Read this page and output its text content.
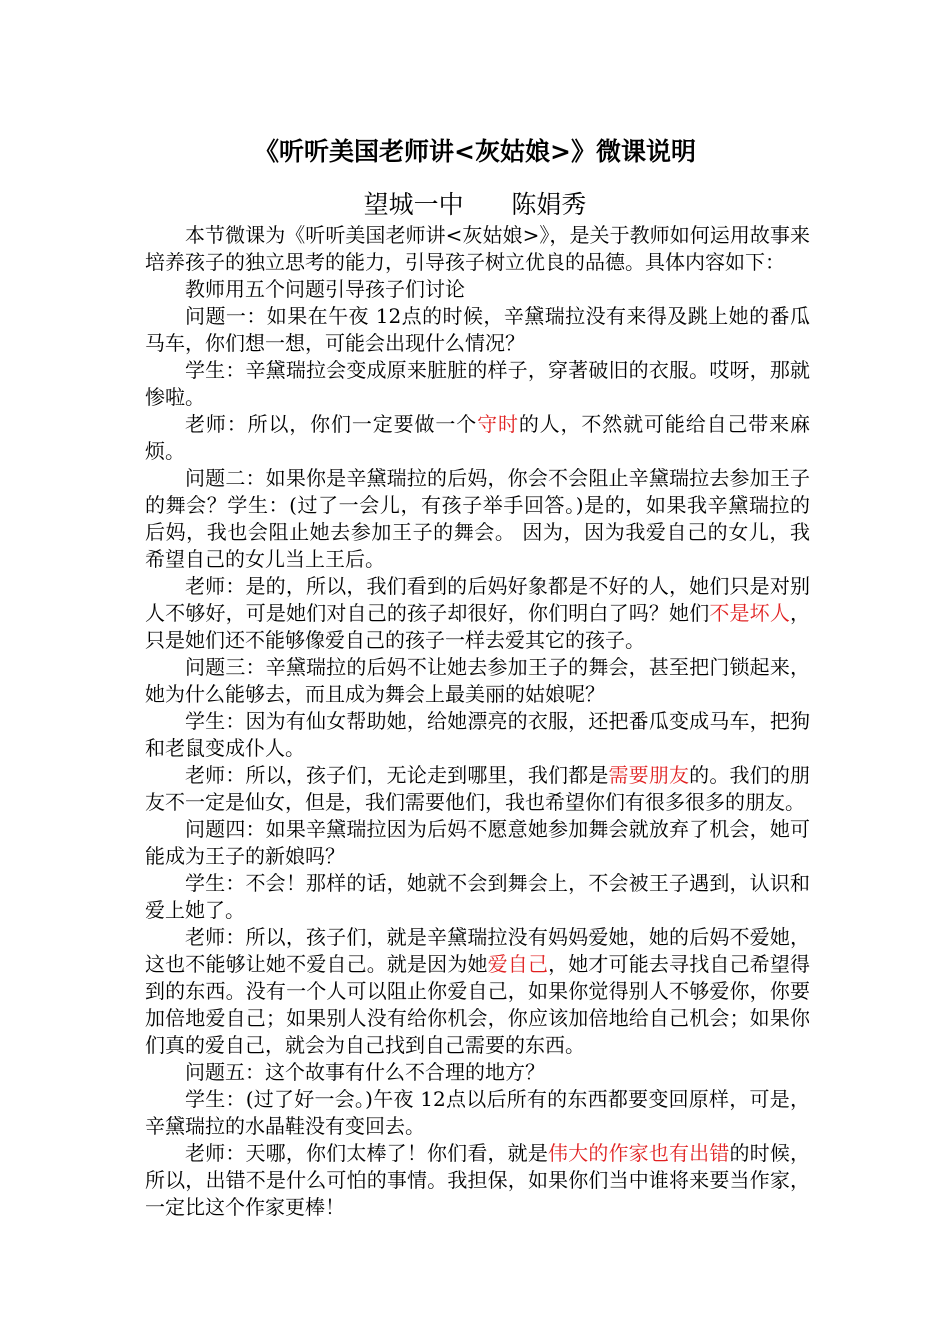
《听听美国老师讲<灰姑娘>》微课说明
望城一中      陈娟秀

本节微课为《听听美国老师讲<灰姑娘>》，是关于教师如何运用故事来培养孩子的独立思考的能力，引导孩子树立优良的品德。具体内容如下：

教师用五个问题引导孩子们讨论

问题一：如果在午夜 12点的时候，辛黛瑞拉没有来得及跳上她的番瓜马车，你们想一想，可能会出现什么情况？

学生：辛黛瑞拉会变成原来脏脏的样子，穿著破旧的衣服。哎呀，那就惨啦。

老师：所以，你们一定要做一个守时的人，不然就可能给自己带来麻烦。

问题二：如果你是辛黛瑞拉的后妈，你会不会阻止辛黛瑞拉去参加王子的舞会？学生：(过了一会儿，有孩子举手回答。)是的，如果我辛黛瑞拉的后妈，我也会阻止她去参加王子的舞会。 因为，因为我爱自己的女儿，我希望自己的女儿当上王后。

老师：是的，所以，我们看到的后妈好象都是不好的人，她们只是对别人不够好，可是她们对自己的孩子却很好，你们明白了吗？她们不是坏人，只是她们还不能够像爱自己的孩子一样去爱其它的孩子。

问题三：辛黛瑞拉的后妈不让她去参加王子的舞会，甚至把门锁起来，她为什么能够去，而且成为舞会上最美丽的姑娘呢？

学生：因为有仙女帮助她，给她漂亮的衣服，还把番瓜变成马车，把狗和老鼠变成仆人。

老师：所以，孩子们，无论走到哪里，我们都是需要朋友的。我们的朋友不一定是仙女，但是，我们需要他们，我也希望你们有很多很多的朋友。

问题四：如果辛黛瑞拉因为后妈不愿意她参加舞会就放弃了机会，她可能成为王子的新娘吗？

学生：不会！那样的话，她就不会到舞会上，不会被王子遇到，认识和爱上她了。

老师：所以，孩子们，就是辛黛瑞拉没有妈妈爱她，她的后妈不爱她，这也不能够让她不爱自己。就是因为她爱自己，她才可能去寻找自己希望得到的东西。没有一个人可以阻止你爱自己，如果你觉得别人不够爱你，你要加倍地爱自己；如果别人没有给你机会，你应该加倍地给自己机会；如果你们真的爱自己，就会为自己找到自己需要的东西。

问题五：这个故事有什么不合理的地方？

学生：(过了好一会。)午夜 12点以后所有的东西都要变回原样，可是，辛黛瑞拉的水晶鞋没有变回去。

老师：天哪，你们太棒了！你们看，就是伟大的作家也有出错的时候，所以，出错不是什么可怕的事情。我担保，如果你们当中谁将来要当作家，一定比这个作家更棒！
